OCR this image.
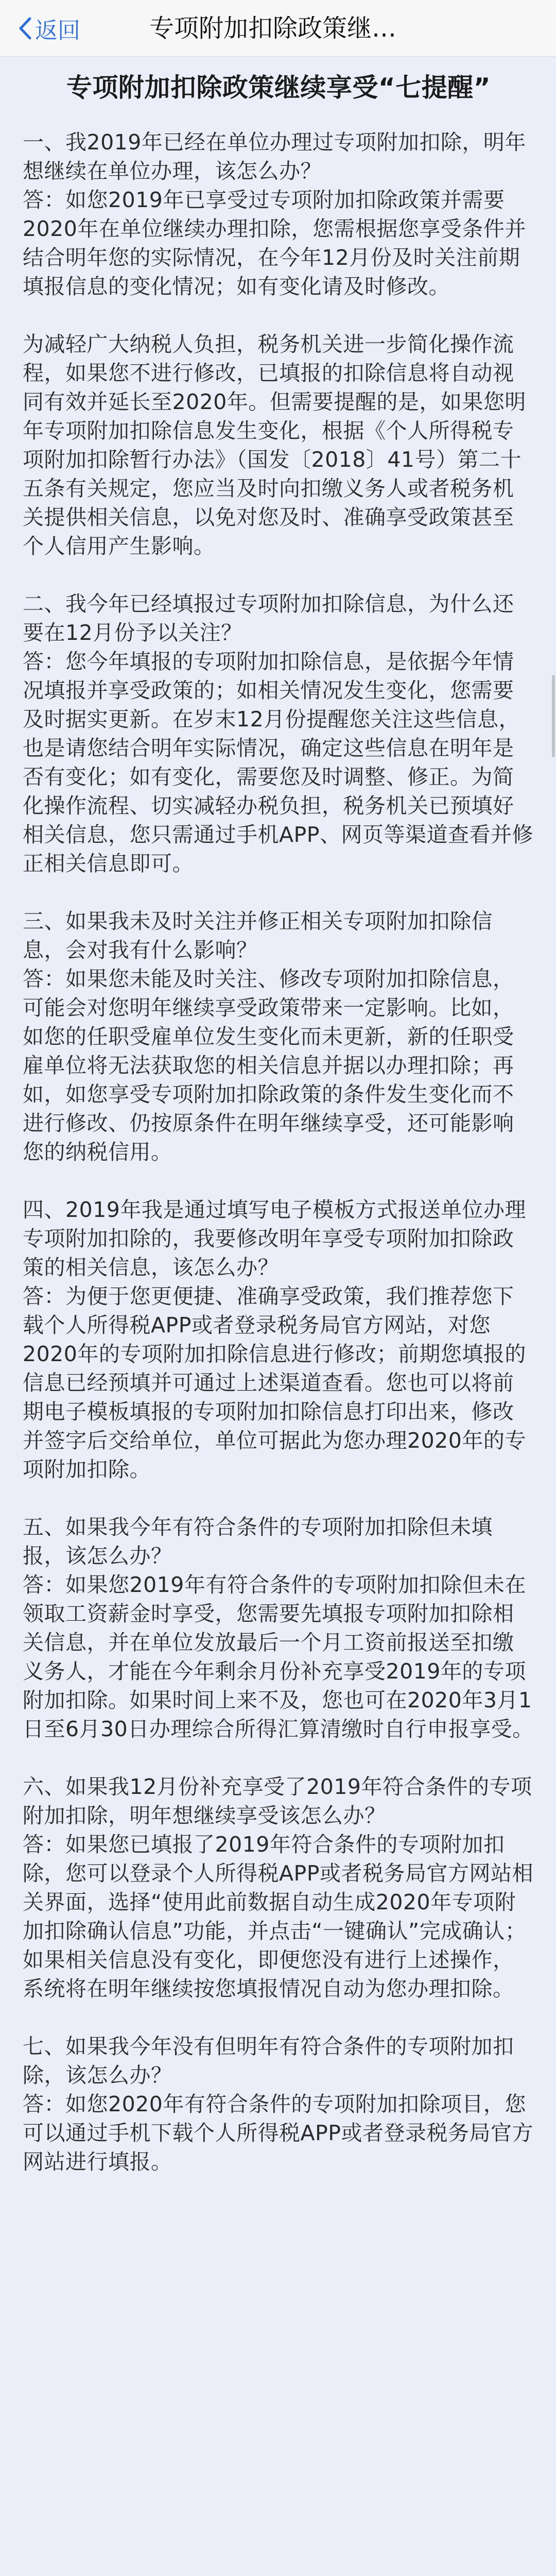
返回	专项附加扣除政策继…
专项附加扣除政策继续享受“七提醒”

一、我2019年已经在单位办理过专项附加扣除，明年想继续在单位办理，该怎么办？

答：如您2019年已享受过专项附加扣除政策并需要2020年在单位继续办理扣除，您需根据您享受条件并结合明年您的实际情况，在今年12月份及时关注前期填报信息的变化情况；如有变化请及时修改。

为减轻广大纳税人负担，税务机关进一步简化操作流程，如果您不进行修改，已填报的扣除信息将自动视同有效并延长至2020年。但需要提醒的是，如果您明年专项附加扣除信息发生变化，根据《个人所得税专项附加扣除暂行办法》（国发〔2018〕41号）第二十五条有关规定，您应当及时向扣缴义务人或者税务机关提供相关信息，以免对您及时、准确享受政策甚至个人信用产生影响。

二、我今年已经填报过专项附加扣除信息，为什么还要在12月份予以关注？

答：您今年填报的专项附加扣除信息，是依据今年情况填报并享受政策的；如相关情况发生变化，您需要及时据实更新。在岁末12月份提醒您关注这些信息，也是请您结合明年实际情况，确定这些信息在明年是否有变化；如有变化，需要您及时调整、修正。为简化操作流程、切实减轻办税负担，税务机关已预填好相关信息，您只需通过手机APP、网页等渠道查看并修正相关信息即可。

三、如果我未及时关注并修正相关专项附加扣除信息，会对我有什么影响？

答：如果您未能及时关注、修改专项附加扣除信息，可能会对您明年继续享受政策带来一定影响。比如，如您的任职受雇单位发生变化而未更新，新的任职受雇单位将无法获取您的相关信息并据以办理扣除；再如，如您享受专项附加扣除政策的条件发生变化而不进行修改、仍按原条件在明年继续享受，还可能影响您的纳税信用。

四、2019年我是通过填写电子模板方式报送单位办理专项附加扣除的，我要修改明年享受专项附加扣除政策的相关信息，该怎么办？

答：为便于您更便捷、准确享受政策，我们推荐您下载个人所得税APP或者登录税务局官方网站，对您2020年的专项附加扣除信息进行修改；前期您填报的信息已经预填并可通过上述渠道查看。您也可以将前期电子模板填报的专项附加扣除信息打印出来，修改并签字后交给单位，单位可据此为您办理2020年的专项附加扣除。

五、如果我今年有符合条件的专项附加扣除但未填报，该怎么办？

答：如果您2019年有符合条件的专项附加扣除但未在领取工资薪金时享受，您需要先填报专项附加扣除相关信息，并在单位发放最后一个月工资前报送至扣缴义务人，才能在今年剩余月份补充享受2019年的专项附加扣除。如果时间上来不及，您也可在2020年3月1日至6月30日办理综合所得汇算清缴时自行申报享受。

六、如果我12月份补充享受了2019年符合条件的专项附加扣除，明年想继续享受该怎么办？

答：如果您已填报了2019年符合条件的专项附加扣除，您可以登录个人所得税APP或者税务局官方网站相关界面，选择“使用此前数据自动生成2020年专项附加扣除确认信息”功能，并点击“一键确认”完成确认；如果相关信息没有变化，即便您没有进行上述操作，系统将在明年继续按您填报情况自动为您办理扣除。

七、如果我今年没有但明年有符合条件的专项附加扣除，该怎么办？

答：如您2020年有符合条件的专项附加扣除项目，您可以通过手机下载个人所得税APP或者登录税务局官方网站进行填报。
